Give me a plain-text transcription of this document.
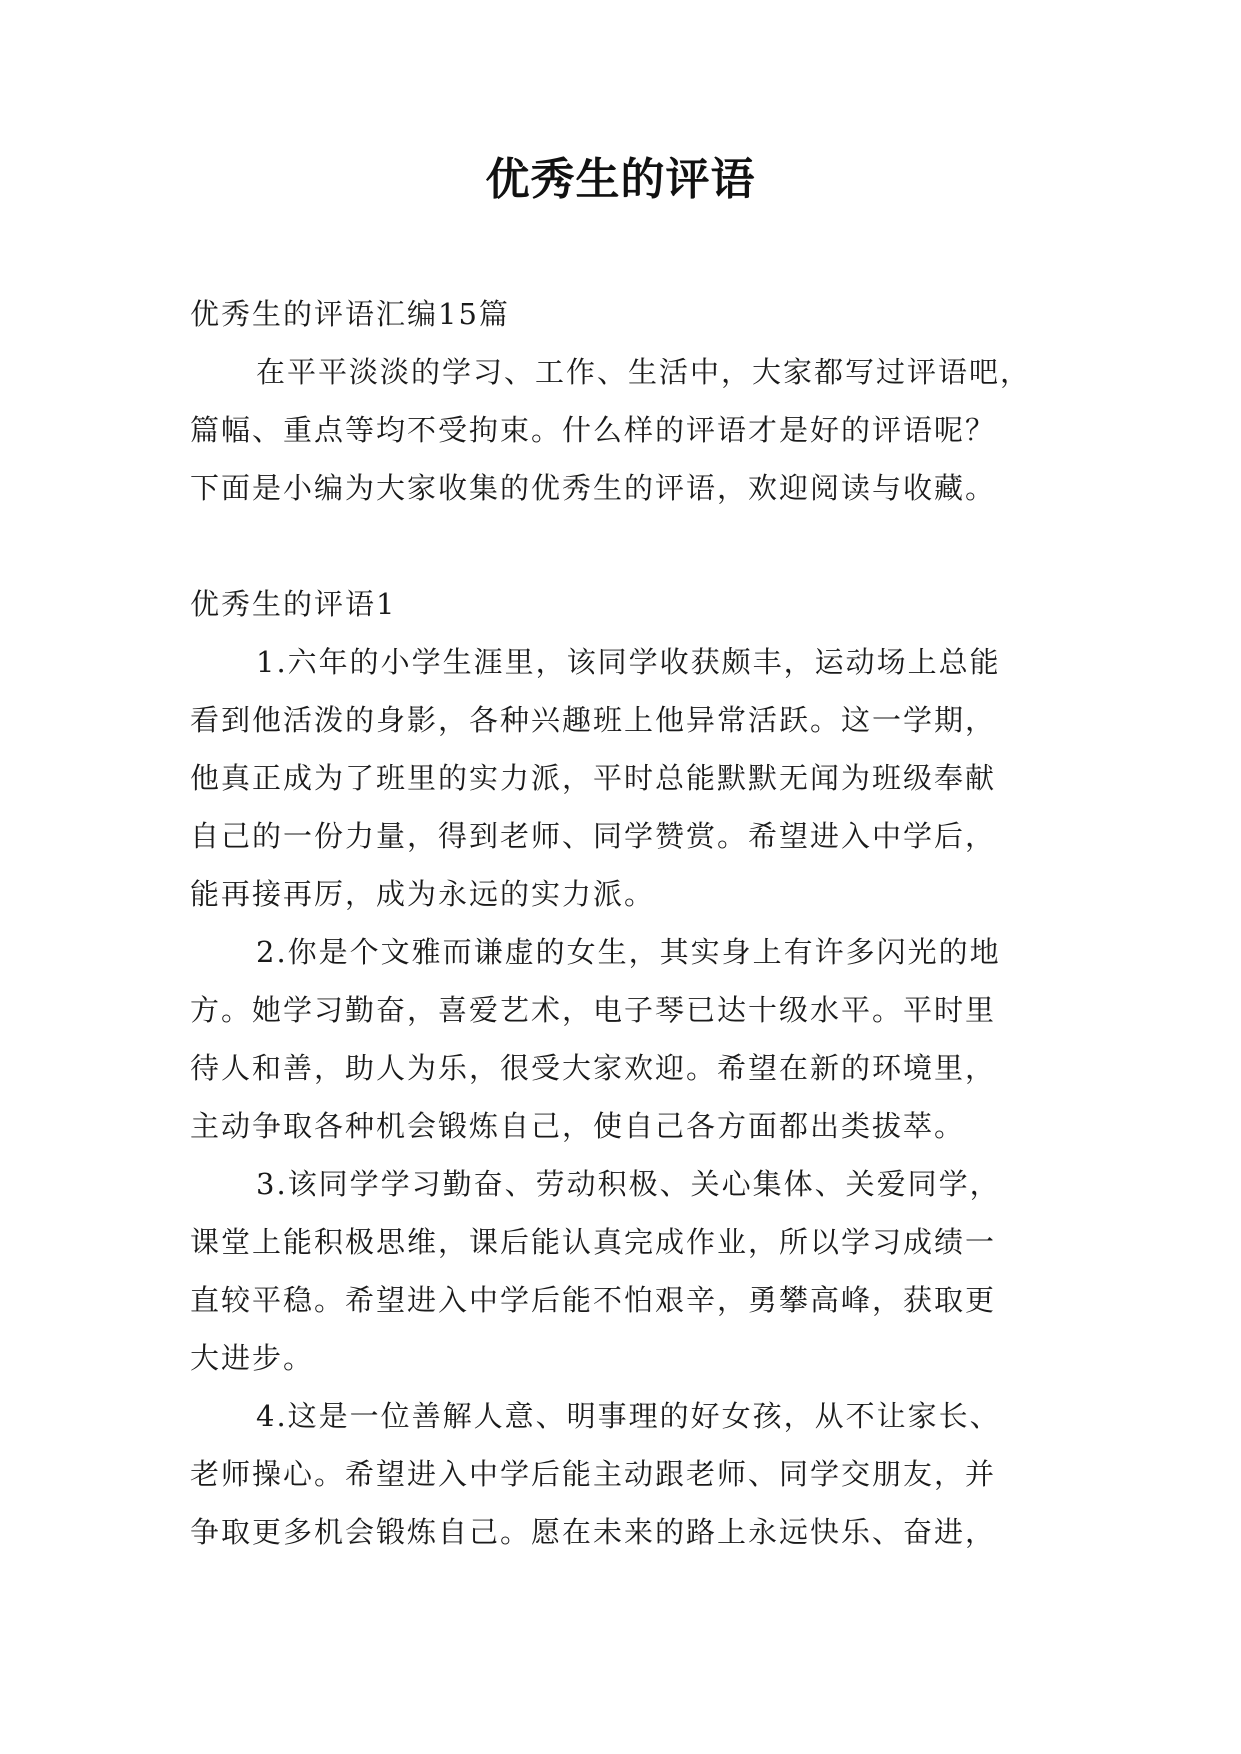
优秀生的评语
优秀生的评语汇编15篇
在平平淡淡的学习、工作、生活中，大家都写过评语吧，
篇幅、重点等均不受拘束。什么样的评语才是好的评语呢？
下面是小编为大家收集的优秀生的评语，欢迎阅读与收藏。
优秀生的评语1
1.六年的小学生涯里，该同学收获颇丰，运动场上总能
看到他活泼的身影，各种兴趣班上他异常活跃。这一学期，
他真正成为了班里的实力派，平时总能默默无闻为班级奉献
自己的一份力量，得到老师、同学赞赏。希望进入中学后，
能再接再厉，成为永远的实力派。
2.你是个文雅而谦虚的女生，其实身上有许多闪光的地
方。她学习勤奋，喜爱艺术，电子琴已达十级水平。平时里
待人和善，助人为乐，很受大家欢迎。希望在新的环境里，
主动争取各种机会锻炼自己，使自己各方面都出类拔萃。
3.该同学学习勤奋、劳动积极、关心集体、关爱同学，
课堂上能积极思维，课后能认真完成作业，所以学习成绩一
直较平稳。希望进入中学后能不怕艰辛，勇攀高峰，获取更
大进步。
4.这是一位善解人意、明事理的好女孩，从不让家长、
老师操心。希望进入中学后能主动跟老师、同学交朋友，并
争取更多机会锻炼自己。愿在未来的路上永远快乐、奋进，
